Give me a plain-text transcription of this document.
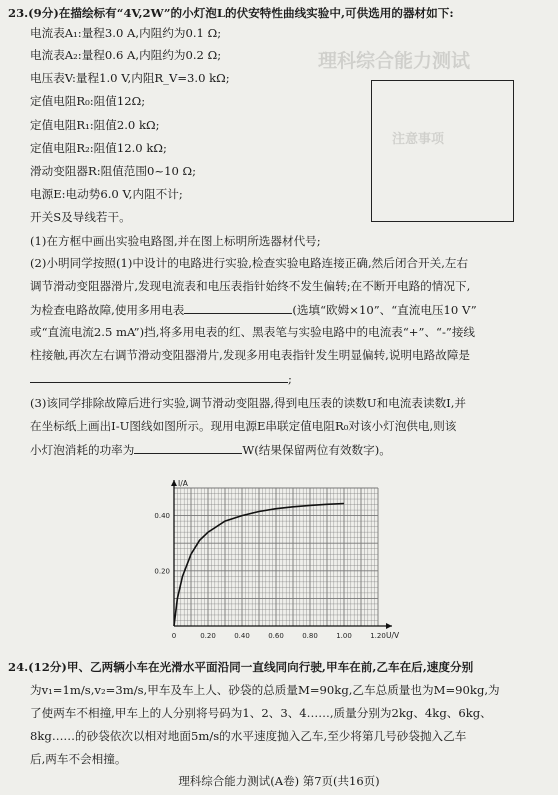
理科综合能力测试
注意事项
23.(9分)在描绘标有“4V,2W”的小灯泡L的伏安特性曲线实验中,可供选用的器材如下:
电流表A₁:量程3.0 A,内阻约为0.1 Ω;
电流表A₂:量程0.6 A,内阻约为0.2 Ω;
电压表V:量程1.0 V,内阻R_V=3.0 kΩ;
定值电阻R₀:阻值12Ω;
定值电阻R₁:阻值2.0 kΩ;
定值电阻R₂:阻值12.0 kΩ;
滑动变阻器R:阻值范围0~10 Ω;
电源E:电动势6.0 V,内阻不计;
开关S及导线若干。
(1)在方框中画出实验电路图,并在图上标明所选器材代号;
(2)小明同学按照(1)中设计的电路进行实验,检查实验电路连接正确,然后闭合开关,左右
调节滑动变阻器滑片,发现电流表和电压表指针始终不发生偏转;在不断开电路的情况下,
为检查电路故障,使用多用电表	(选填“欧姆×10”、“直流电压10 V”
或“直流电流2.5 mA”)挡,将多用电表的红、黑表笔与实验电路中的电流表“+”、“-”接线
柱接触,再次左右调节滑动变阻器滑片,发现多用电表指针发生明显偏转,说明电路故障是
;
(3)该同学排除故障后进行实验,调节滑动变阻器,得到电压表的读数U和电流表读数I,并
在坐标纸上画出I-U图线如图所示。现用电源E串联定值电阻R₀对该小灯泡供电,则该
小灯泡消耗的功率为	W(结果保留两位有效数字)。
0	0.20	0.40	0.60	0.80	1.00	1.20
0.20
0.40
U/V
I/A
24.(12分)甲、乙两辆小车在光滑水平面沿同一直线同向行驶,甲车在前,乙车在后,速度分别
为v₁=1m/s,v₂=3m/s,甲车及车上人、砂袋的总质量M=90kg,乙车总质量也为M=90kg,为
了使两车不相撞,甲车上的人分别将号码为1、2、3、4……,质量分别为2kg、4kg、6kg、
8kg……的砂袋依次以相对地面5m/s的水平速度抛入乙车,至少将第几号砂袋抛入乙车
后,两车不会相撞。
理科综合能力测试(A卷) 第7页(共16页)
